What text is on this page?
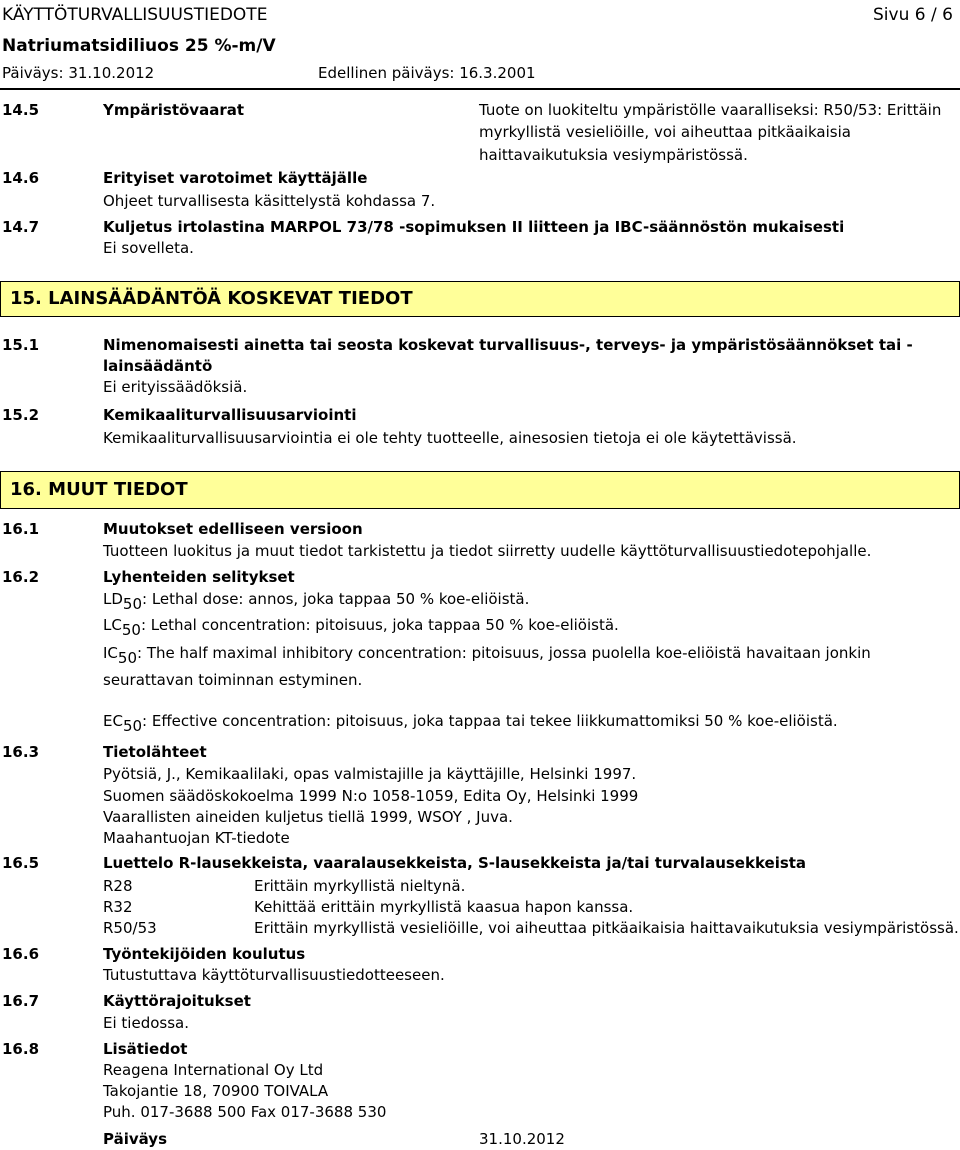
KÄYTTÖTURVALLISUUSTIEDOTE	Sivu 6 / 6
Natriumatsidiliuos 25 %-m/V
Päiväys: 31.10.2012	Edellinen päiväys: 16.3.2001
14.5	Ympäristövaarat	Tuote on luokiteltu ympäristölle vaaralliseksi: R50/53: Erittäin
myrkyllistä vesieliöille, voi aiheuttaa pitkäaikaisia
haittavaikutuksia vesiympäristössä.
14.6	Erityiset varotoimet käyttäjälle
Ohjeet turvallisesta käsittelystä kohdassa 7.
14.7	Kuljetus irtolastina MARPOL 73/78 -sopimuksen II liitteen ja IBC-säännöstön mukaisesti
Ei sovelleta.
15. LAINSÄÄDÄNTÖÄ KOSKEVAT TIEDOT
15.1	Nimenomaisesti ainetta tai seosta koskevat turvallisuus-, terveys- ja ympäristösäännökset tai -
lainsäädäntö
Ei erityissäädöksiä.
15.2	Kemikaaliturvallisuusarviointi
Kemikaaliturvallisuusarviointia ei ole tehty tuotteelle, ainesosien tietoja ei ole käytettävissä.
16. MUUT TIEDOT
16.1	Muutokset edelliseen versioon
Tuotteen luokitus ja muut tiedot tarkistettu ja tiedot siirretty uudelle käyttöturvallisuustiedotepohjalle.
16.2	Lyhenteiden selitykset
$LD_{50}$: Lethal dose: annos, joka tappaa 50 % koe-eliöistä.
$LC_{50}$: Lethal concentration: pitoisuus, joka tappaa 50 % koe-eliöistä.
$IC_{50}$: The half maximal inhibitory concentration: pitoisuus, jossa puolella koe-eliöistä havaitaan jonkin
seurattavan toiminnan estyminen.
$EC_{50}$: Effective concentration: pitoisuus, joka tappaa tai tekee liikkumattomiksi 50 % koe-eliöistä.
16.3	Tietolähteet
Pyötsiä, J., Kemikaalilaki, opas valmistajille ja käyttäjille, Helsinki 1997.
Suomen säädöskokoelma 1999 N:o 1058-1059, Edita Oy, Helsinki 1999
Vaarallisten aineiden kuljetus tiellä 1999, WSOY , Juva.
Maahantuojan KT-tiedote
16.5	Luettelo R-lausekkeista, vaaralausekkeista, S-lausekkeista ja/tai turvalausekkeista
R28	Erittäin myrkyllistä nieltynä.
R32	Kehittää erittäin myrkyllistä kaasua hapon kanssa.
R50/53	Erittäin myrkyllistä vesieliöille, voi aiheuttaa pitkäaikaisia haittavaikutuksia vesiympäristössä.
16.6	Työntekijöiden koulutus
Tutustuttava käyttöturvallisuustiedotteeseen.
16.7	Käyttörajoitukset
Ei tiedossa.
16.8	Lisätiedot
Reagena International Oy Ltd
Takojantie 18, 70900 TOIVALA
Puh. 017-3688 500 Fax 017-3688 530
Päiväys	31.10.2012
